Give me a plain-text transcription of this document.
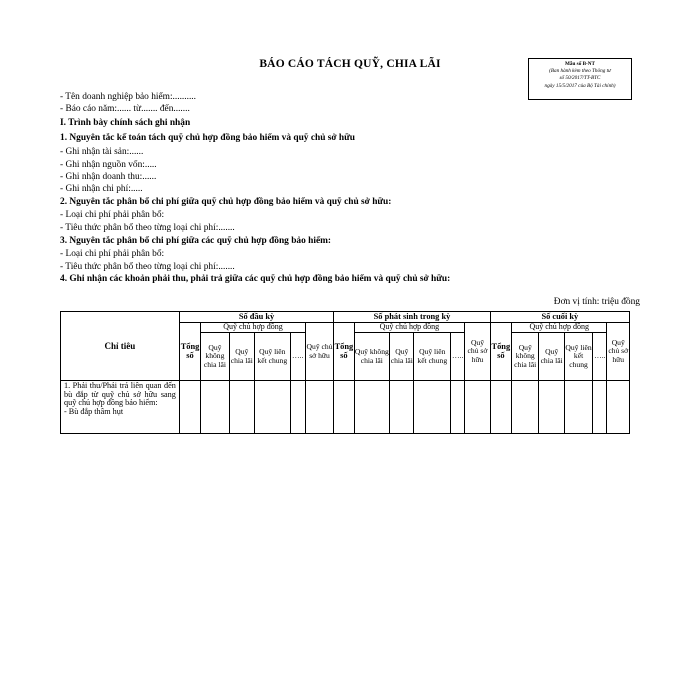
BÁO CÁO TÁCH QUỸ, CHIA LÃI	Mẫu số B-NT
(Ban hành kèm theo Thông tư
số 50/2017/TT-BTC
ngày 15/5/2017 của Bộ Tài chính)
- Tên doanh nghiệp bảo hiểm:..........
- Báo cáo năm:...... từ....... đến.......
I. Trình bày chính sách ghi nhận
1. Nguyên tắc kế toán tách quỹ chủ hợp đồng bảo hiểm và quỹ chủ sở hữu
- Ghi nhận tài sản:......
- Ghi nhận nguồn vốn:.....
- Ghi nhận doanh thu:......
- Ghi nhận chi phí:.....
2. Nguyên tắc phân bổ chi phí giữa quỹ chủ hợp đồng bảo hiểm và quỹ chủ sở hữu:
- Loại chi phí phải phân bổ:
- Tiêu thức phân bổ theo từng loại chi phí:.......
3. Nguyên tắc phân bổ chi phí giữa các quỹ chủ hợp đồng bảo hiểm:
- Loại chi phí phải phân bổ:
- Tiêu thức phân bổ theo từng loại chi phí:.......
4. Ghi nhận các khoản phải thu, phải trả giữa các quỹ chủ hợp đồng bảo hiểm và quỹ chủ sở hữu:
Đơn vị tính: triệu đồng
Chỉ tiêu	Số đầu kỳ						Số phát sinh trong kỳ						Số cuối kỳ					
	Tổng số	Quỹ chủ hợp đồng				Quỹ chủ sở hữu	Tổng số	Quỹ chủ hợp đồng				Quỹ chủ sở hữu	Tổng số	Quỹ chủ hợp đồng				Quỹ chủ sở hữu
		Quỹ không chia lãi	Quỹ chia lãi	Quỹ liên kết chung	…..			Quỹ không chia lãi	Quỹ chia lãi	Quỹ liên kết chung	…..			Quỹ không chia lãi	Quỹ chia lãi	Quỹ liên kết chung	…..	

1. Phải thu/Phải trả liên quan đến bù đắp từ quỹ chủ sở hữu sang quỹ chủ hợp đồng bảo hiểm:
- Bù đắp thâm hụt																		
